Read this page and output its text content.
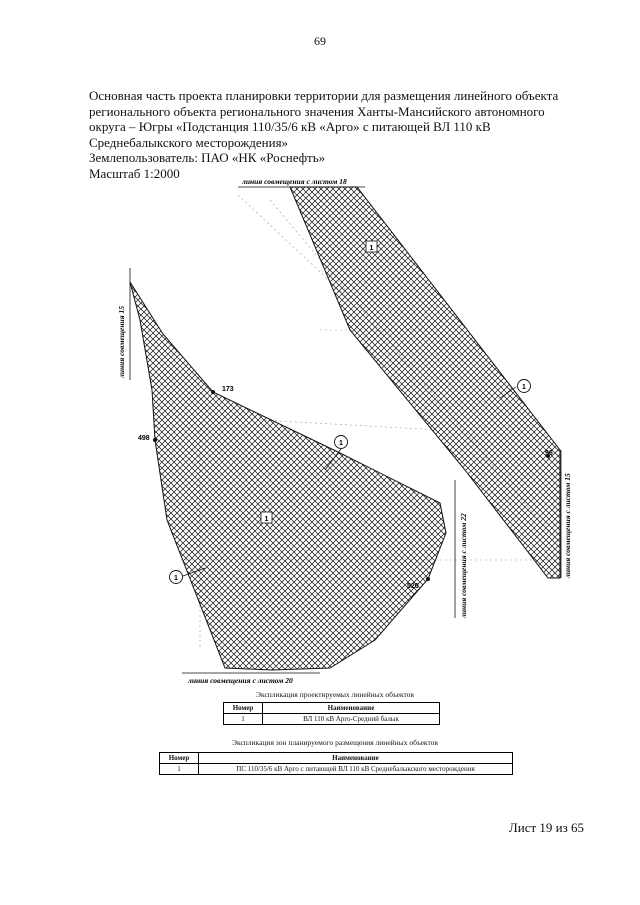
69
Основная часть проекта планировки территории для размещения линейного объекта
регионального объекта регионального значения Ханты-Мансийского автономного
округа – Югры «Подстанция 110/35/6 кВ «Арго» с питающей ВЛ 110 кВ
Среднебалыкского месторождения»
Землепользователь: ПАО «НК «Роснефть»
Масштаб 1:2000
линия совмещения с листом 18
линия совмещения 15
линия совмещения с листом 22	линия совмещения с листом 15
линия совмещения с листом 20
173
498
520
96
1
1
1
1
1
Экспликация проектируемых линейных объектов
Номер	Наименование
1	ВЛ 110 кВ Арго-Средний балык
Экспликация зон планируемого размещения линейных объектов
Номер	Наименование
1	ПС 110/35/6 кВ Арго с питающей ВЛ 110 кВ Среднебалыкского месторождения
Лист 19 из 65
